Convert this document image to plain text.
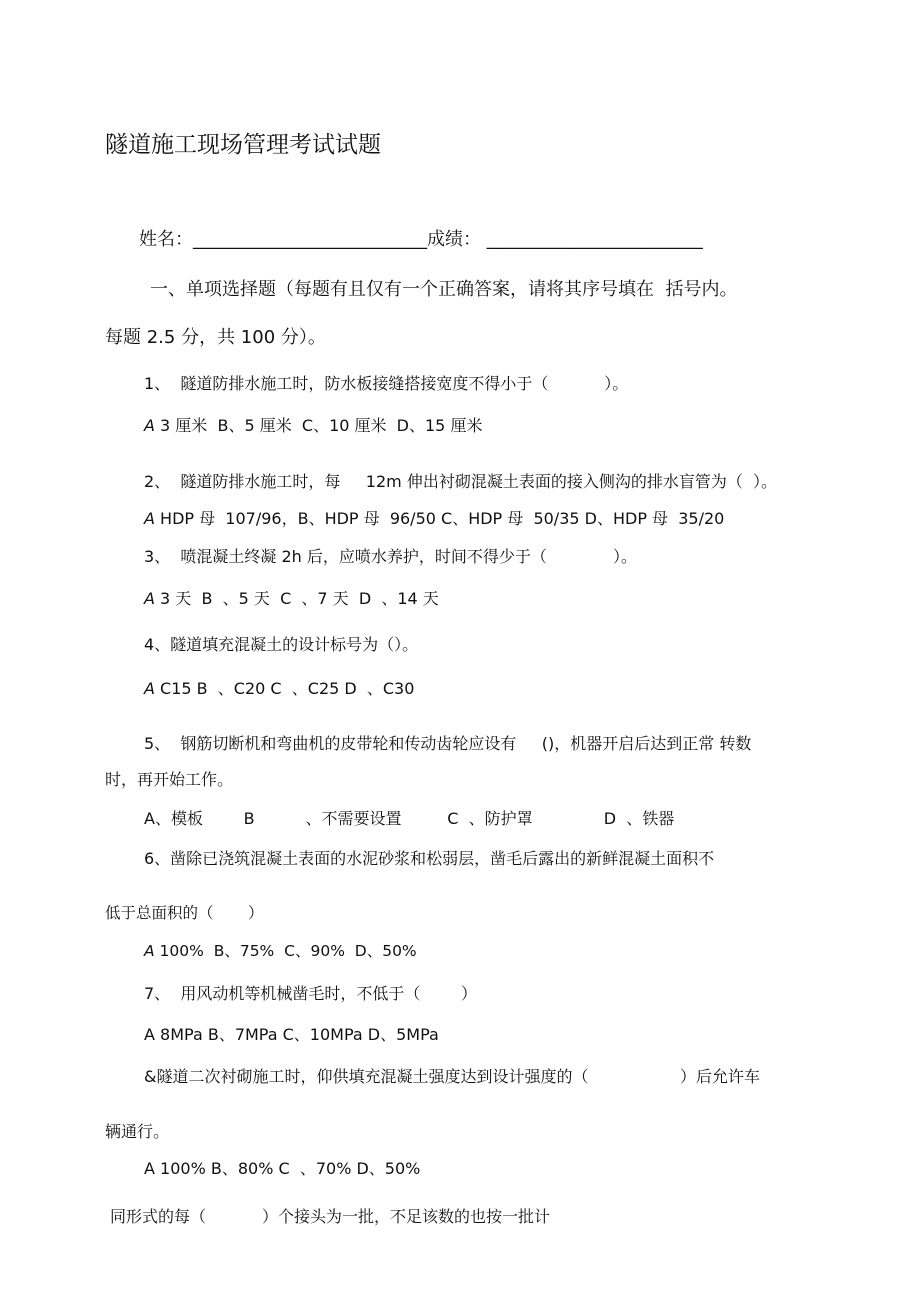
隧道施工现场管理考试试题
姓名：__________________________成绩： ________________________
一、单项选择题（每题有且仅有一个正确答案，请将其序号填在  括号内。
每题 2.5 分，共 100 分）。
1、  隧道防排水施工时，防水板接缝搭接宽度不得小于（           ）。
A 3 厘米  B、5 厘米  C、10 厘米  D、15 厘米
2、  隧道防排水施工时，每     12m 伸出衬砌混凝土表面的接入侧沟的排水盲管为（  ）。
A HDP 母  107/96，B、HDP 母  96/50 C、HDP 母  50/35 D、HDP 母  35/20
3、  喷混凝土终凝 2h 后，应喷水养护，时间不得少于（             ）。
A 3 天  B  、5 天  C  、7 天  D  、14 天
4、隧道填充混凝土的设计标号为（）。
A C15 B  、C20 C  、C25 D  、C30
5、  钢筋切断机和弯曲机的皮带轮和传动齿轮应设有     ()，机器开启后达到正常 转数
时，再开始工作。
A、模板        B          、不需要设置         C  、防护罩              D  、铁器
6、凿除已浇筑混凝土表面的水泥砂浆和松弱层，凿毛后露出的新鲜混凝土面积不
低于总面积的（       ）
A 100%  B、75%  C、90%  D、50%
7、  用风动机等机械凿毛时，不低于（        ）
A 8MPa B、7MPa C、10MPa D、5MPa
&隧道二次衬砌施工时，仰供填充混凝土强度达到设计强度的（                  ）后允许车
辆通行。
A 100% B、80% C  、70% D、50%
同形式的每（           ）个接头为一批，不足该数的也按一批计
